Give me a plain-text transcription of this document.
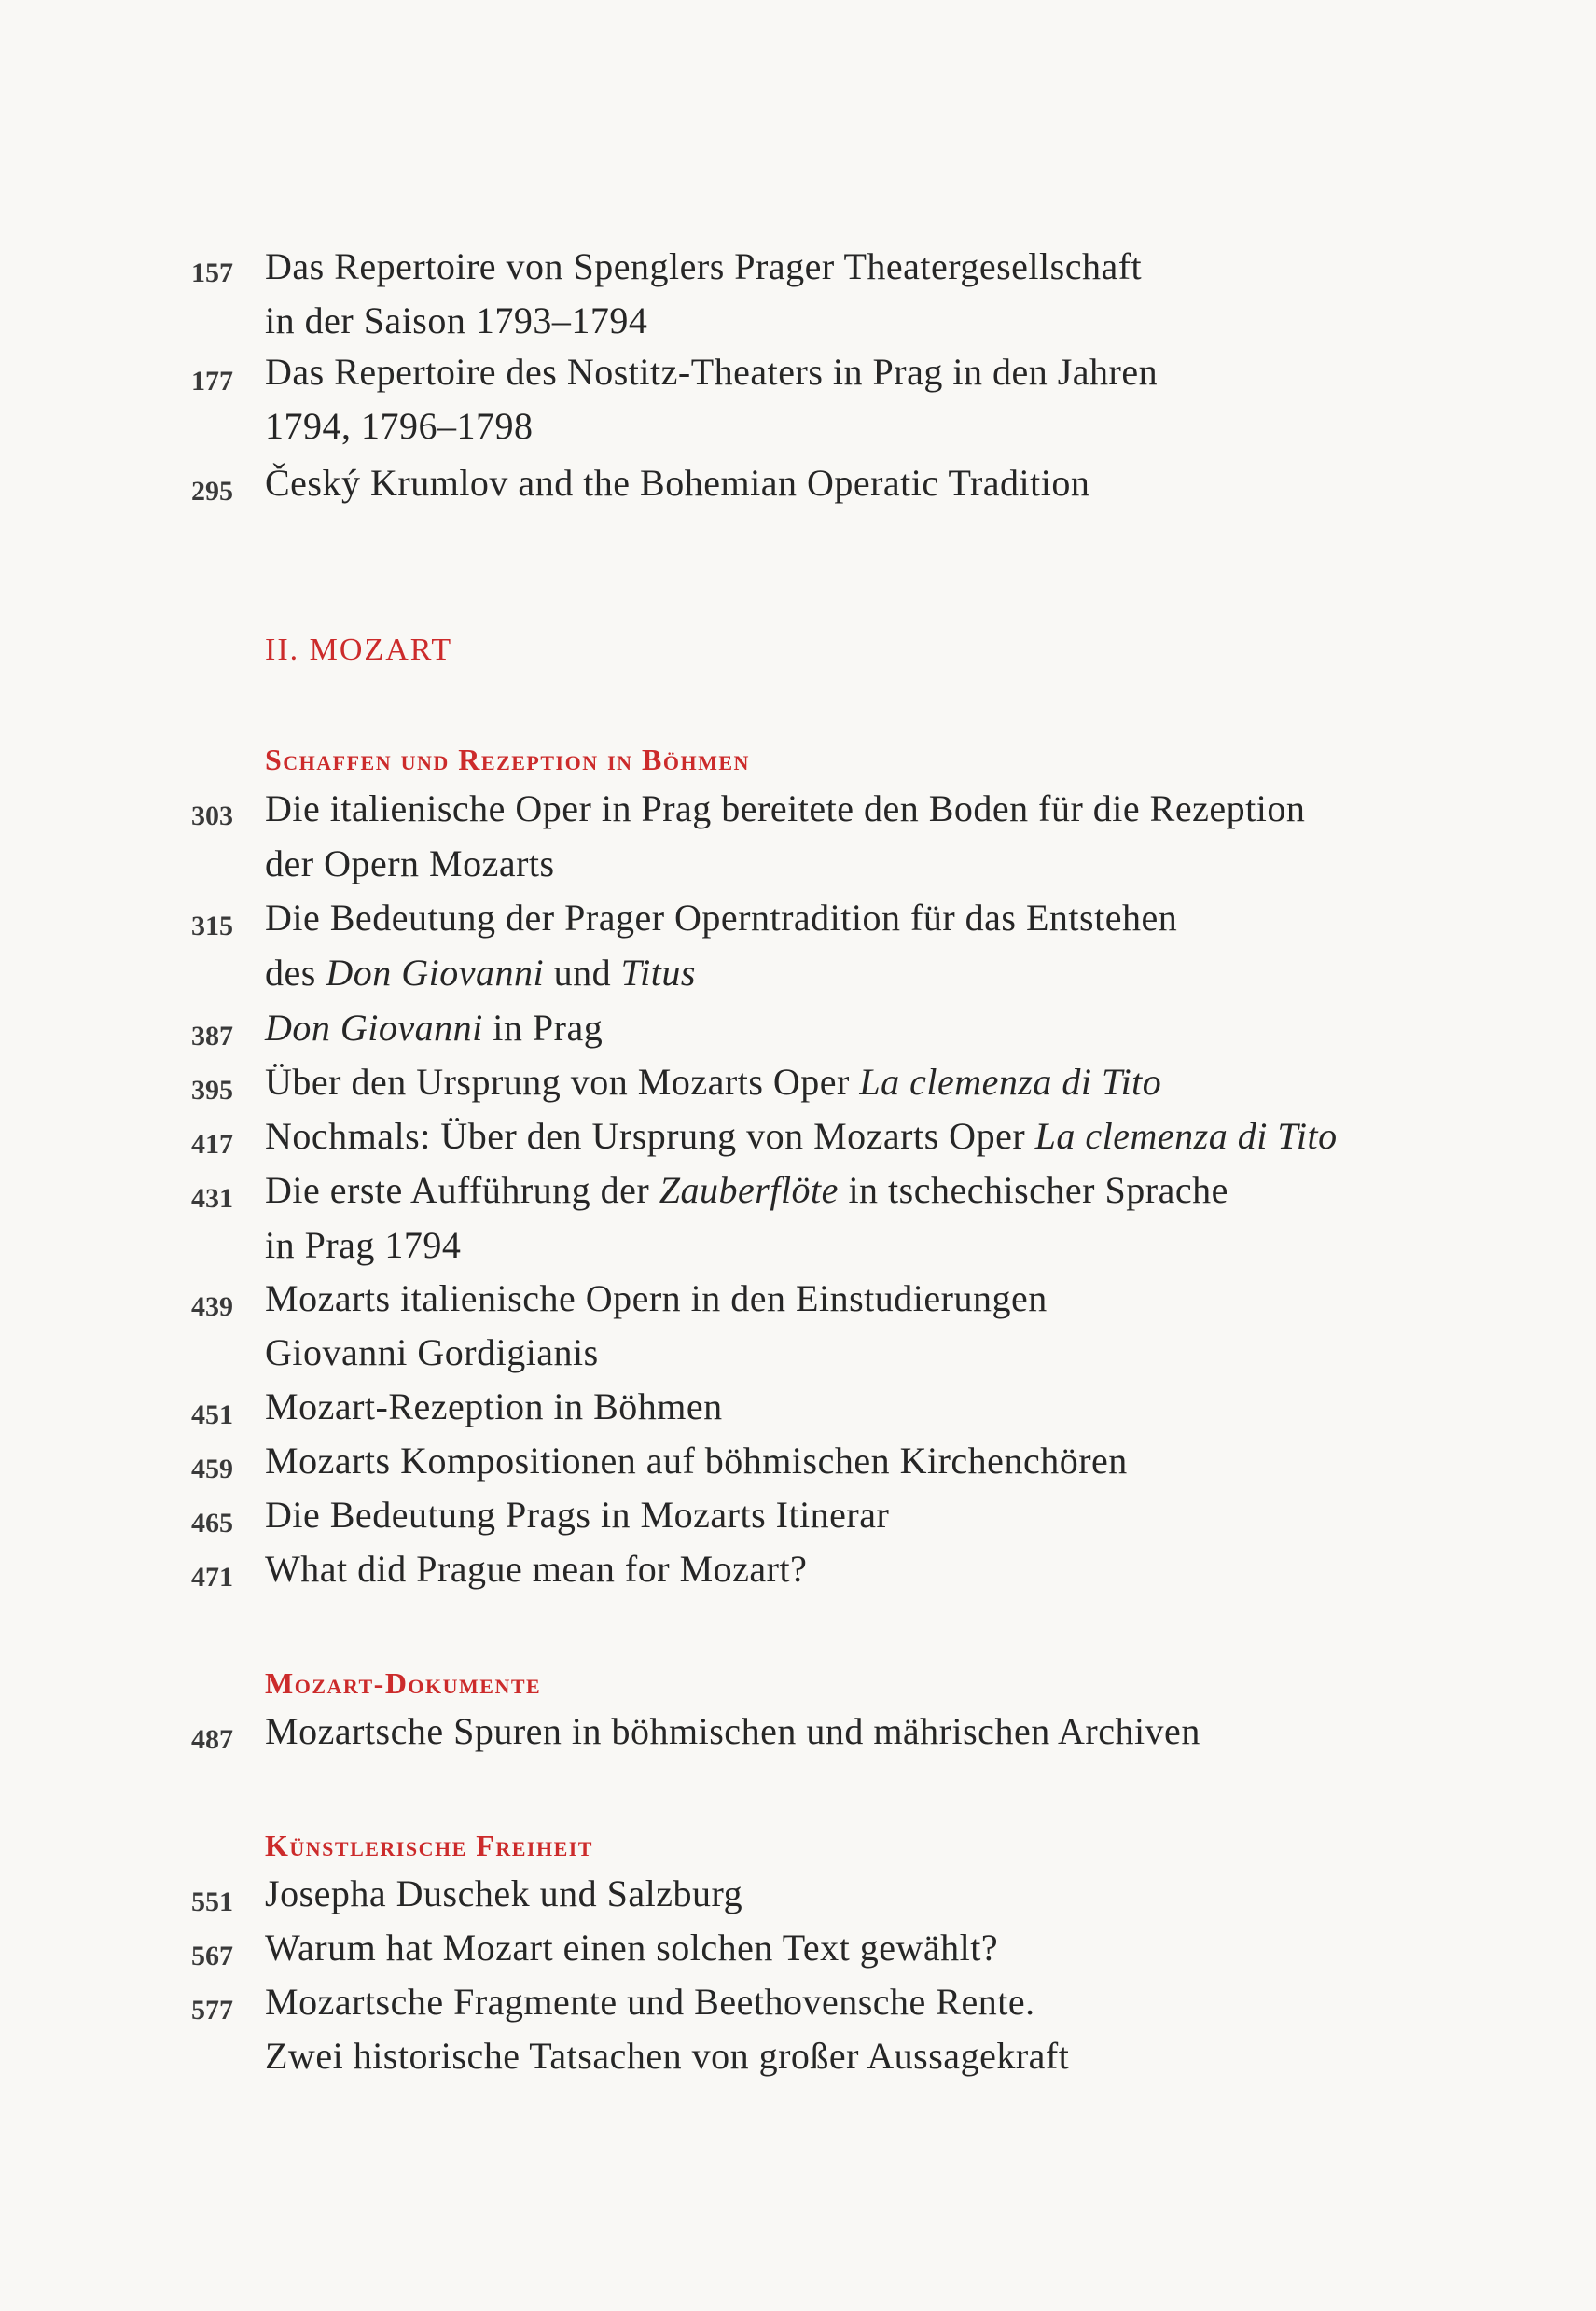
157 Das Repertoire von Spenglers Prager Theatergesellschaft
in der Saison 1793–1794
177 Das Repertoire des Nostitz-Theaters in Prag in den Jahren
1794, 1796–1798
295 Český Krumlov and the Bohemian Operatic Tradition
II. MOZART
Schaffen und Rezeption in Böhmen
303 Die italienische Oper in Prag bereitete den Boden für die Rezeption
der Opern Mozarts
315 Die Bedeutung der Prager Operntradition für das Entstehen
des Don Giovanni und Titus
387 Don Giovanni in Prag
395 Über den Ursprung von Mozarts Oper La clemenza di Tito
417 Nochmals: Über den Ursprung von Mozarts Oper La clemenza di Tito
431 Die erste Aufführung der Zauberflöte in tschechischer Sprache
in Prag 1794
439 Mozarts italienische Opern in den Einstudierungen
Giovanni Gordigianis
451 Mozart-Rezeption in Böhmen
459 Mozarts Kompositionen auf böhmischen Kirchenchören
465 Die Bedeutung Prags in Mozarts Itinerar
471 What did Prague mean for Mozart?
Mozart-Dokumente
487 Mozartsche Spuren in böhmischen und mährischen Archiven
Künstlerische Freiheit
551 Josepha Duschek und Salzburg
567 Warum hat Mozart einen solchen Text gewählt?
577 Mozartsche Fragmente und Beethovensche Rente.
Zwei historische Tatsachen von großer Aussagekraft
